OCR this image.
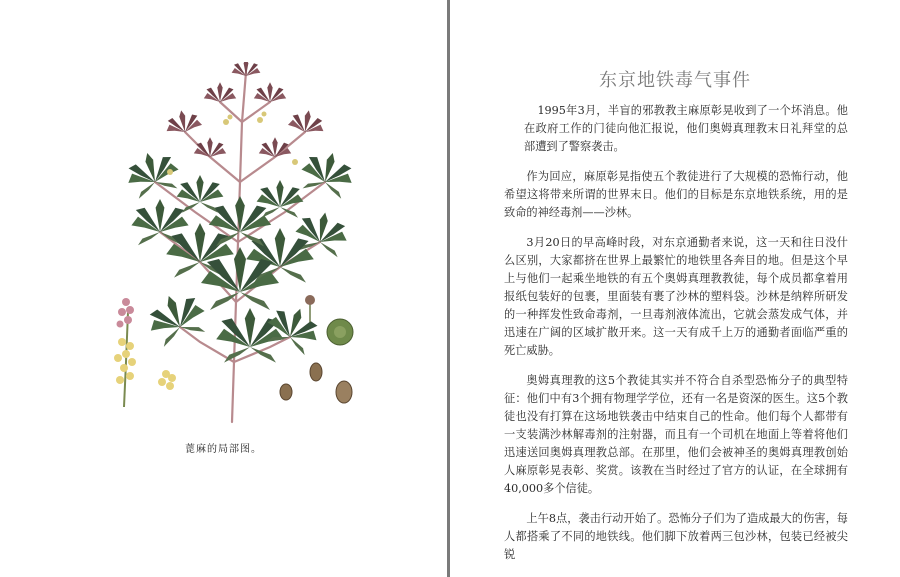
蓖麻的局部图。
东京地铁毒气事件

1995年3月，半盲的邪教教主麻原彰晃收到了一个坏消息。他在政府工作的门徒向他汇报说，他们奥姆真理教末日礼拜堂的总部遭到了警察袭击。

作为回应，麻原彰晃指使五个教徒进行了大规模的恐怖行动，他希望这将带来所谓的世界末日。他们的目标是东京地铁系统，用的是致命的神经毒剂——沙林。

3月20日的早高峰时段，对东京通勤者来说，这一天和往日没什么区别，大家都挤在世界上最繁忙的地铁里各奔目的地。但是这个早上与他们一起乘坐地铁的有五个奥姆真理教教徒，每个成员都拿着用报纸包装好的包裹，里面装有裹了沙林的塑料袋。沙林是纳粹所研发的一种挥发性致命毒剂，一旦毒剂液体流出，它就会蒸发成气体，并迅速在广阔的区域扩散开来。这一天有成千上万的通勤者面临严重的死亡威胁。

奥姆真理教的这5个教徒其实并不符合自杀型恐怖分子的典型特征：他们中有3个拥有物理学学位，还有一名是资深的医生。这5个教徒也没有打算在这场地铁袭击中结束自己的性命。他们每个人都带有一支装满沙林解毒剂的注射器，而且有一个司机在地面上等着将他们迅速送回奥姆真理教总部。在那里，他们会被神圣的奥姆真理教创始人麻原彰晃表彰、奖赏。该教在当时经过了官方的认证，在全球拥有40,000多个信徒。

上午8点，袭击行动开始了。恐怖分子们为了造成最大的伤害，每人都搭乘了不同的地铁线。他们脚下放着两三包沙林，包装已经被尖锐
